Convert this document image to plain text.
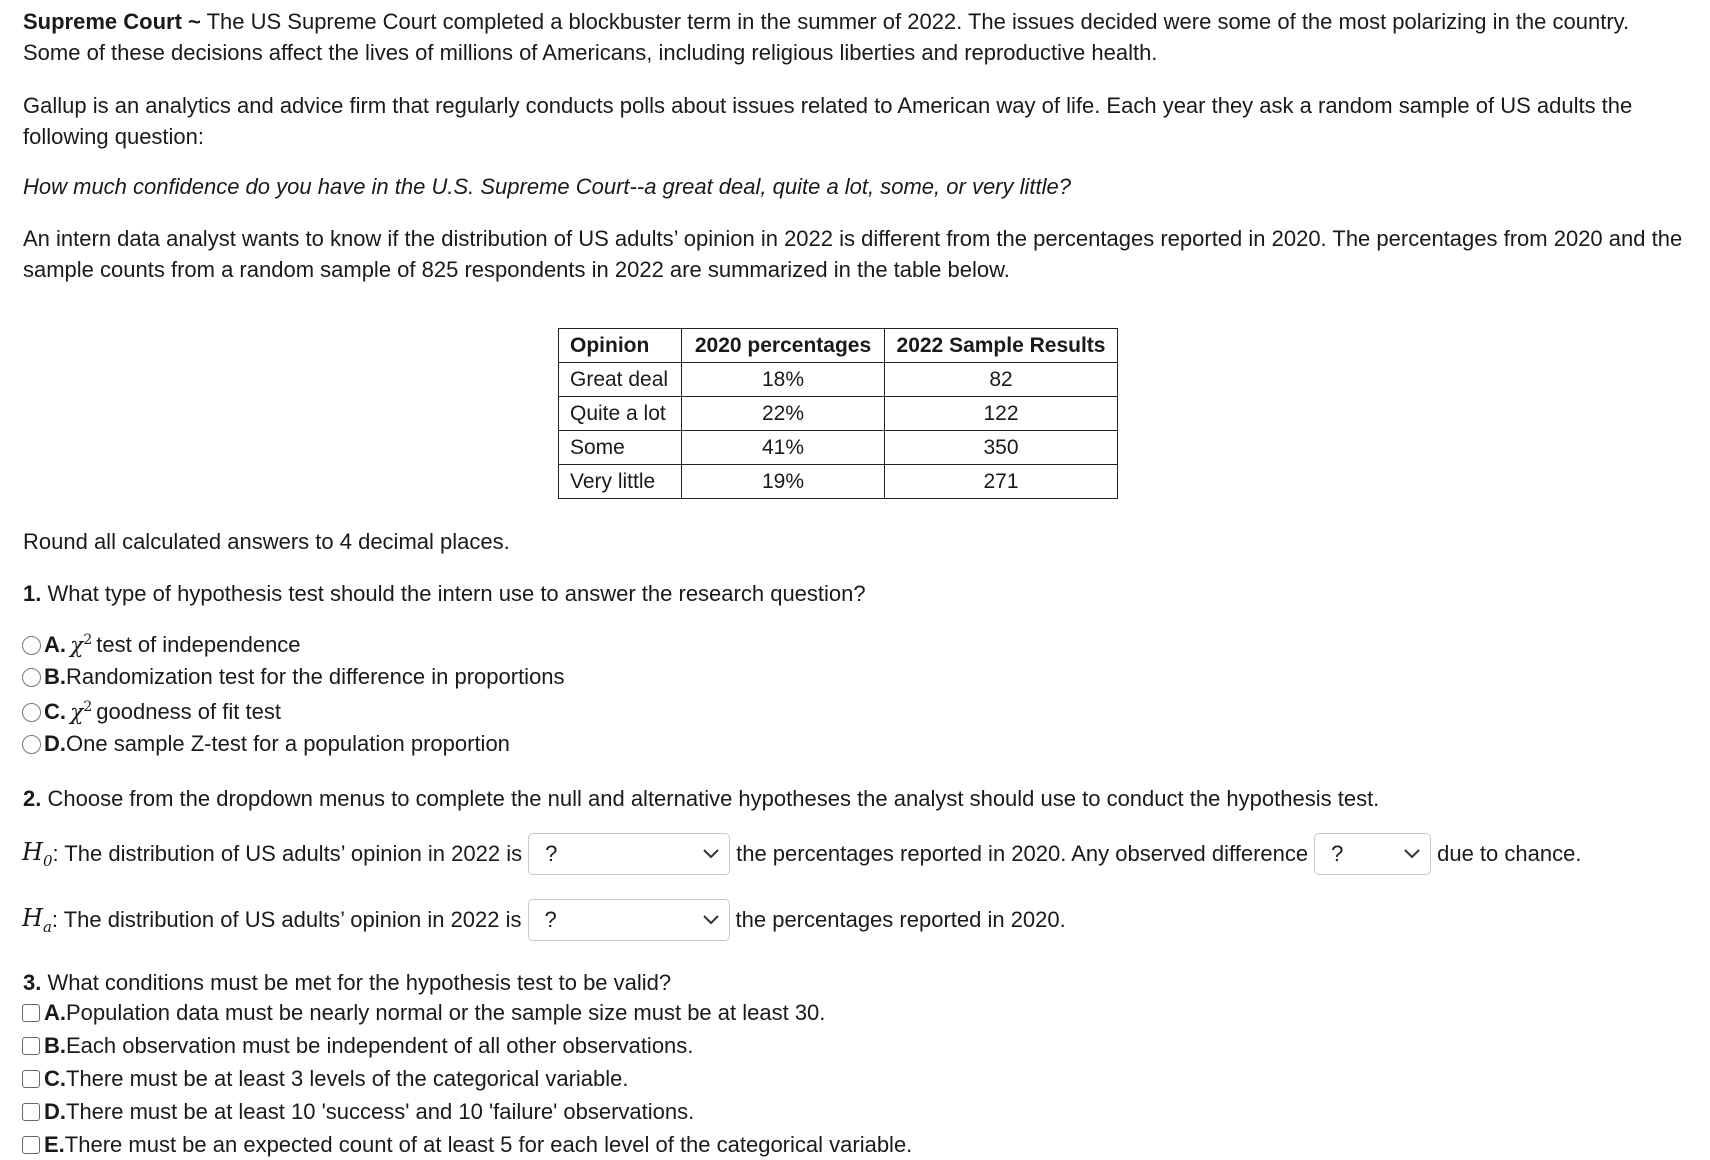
Supreme Court ~ The US Supreme Court completed a blockbuster term in the summer of 2022. The issues decided were some of the most polarizing in the country. Some of these decisions affect the lives of millions of Americans, including religious liberties and reproductive health.

Gallup is an analytics and advice firm that regularly conducts polls about issues related to American way of life. Each year they ask a random sample of US adults the following question:

How much confidence do you have in the U.S. Supreme Court--a great deal, quite a lot, some, or very little?

An intern data analyst wants to know if the distribution of US adults’ opinion in 2022 is different from the percentages reported in 2020. The percentages from 2020 and the sample counts from a random sample of 825 respondents in 2022 are summarized in the table below.

Opinion	2020 percentages	2022 Sample Results
Great deal	18%	82
Quite a lot	22%	122
Some	41%	350
Very little	19%	271

Round all calculated answers to 4 decimal places.

1. What type of hypothesis test should the intern use to answer the research question?

A. $\chi^2$ test of independence
B. Randomization test for the difference in proportions
C. $\chi^2$ goodness of fit test
D. One sample Z-test for a population proportion

2. Choose from the dropdown menus to complete the null and alternative hypotheses the analyst should use to conduct the hypothesis test.

$H_0$ : The distribution of US adults’ opinion in 2022 is ?	the percentages reported in 2020. Any observed difference ?	due to chance.
$H_a$ : The distribution of US adults’ opinion in 2022 is ?	the percentages reported in 2020.

3. What conditions must be met for the hypothesis test to be valid?

A. Population data must be nearly normal or the sample size must be at least 30.
B. Each observation must be independent of all other observations.
C. There must be at least 3 levels of the categorical variable.
D. There must be at least 10 'success' and 10 'failure' observations.
E. There must be an expected count of at least 5 for each level of the categorical variable.
